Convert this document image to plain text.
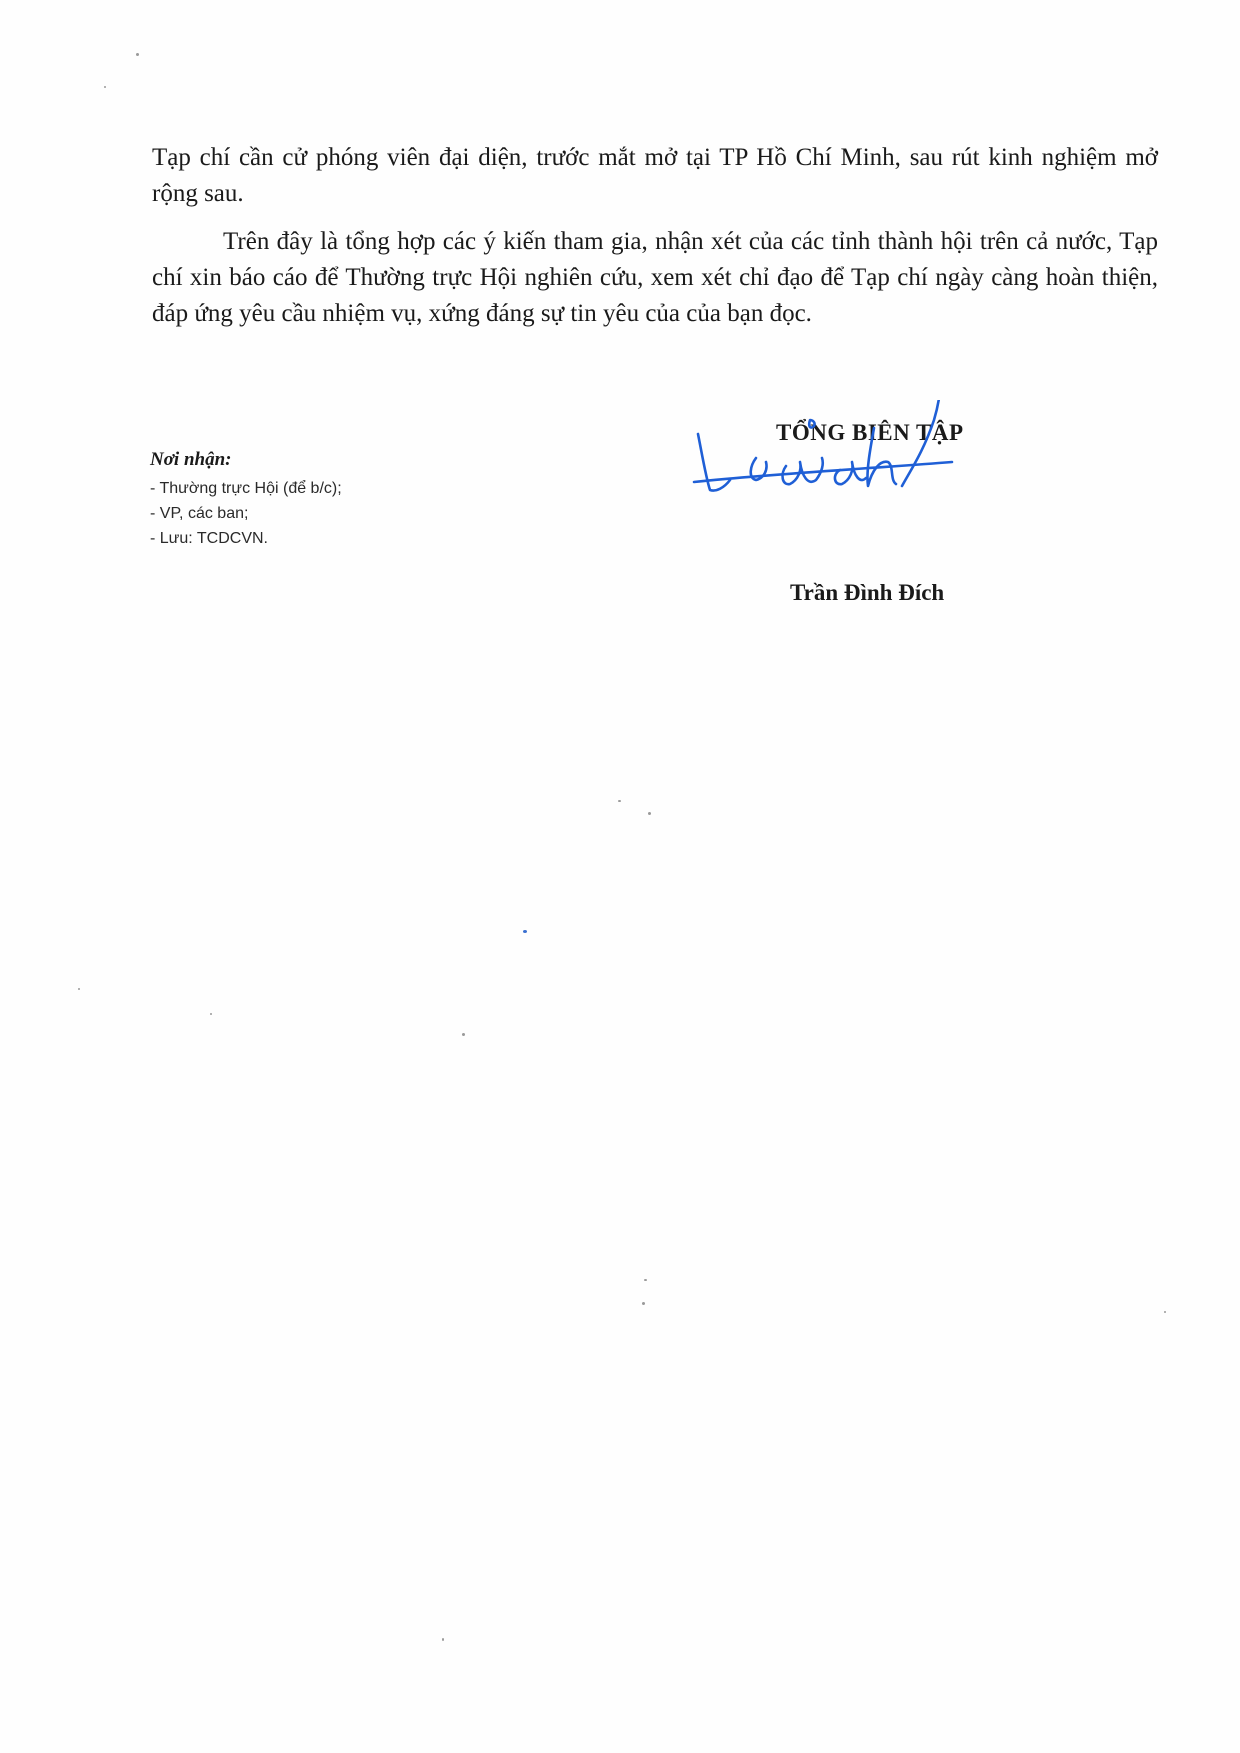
Tạp chí cần cử phóng viên đại diện, trước mắt mở tại TP Hồ Chí Minh, sau rút kinh nghiệm mở rộng sau.

Trên đây là tổng hợp các ý kiến tham gia, nhận xét của các tỉnh thành hội trên cả nước, Tạp chí xin báo cáo để Thường trực Hội nghiên cứu, xem xét chỉ đạo để Tạp chí ngày càng hoàn thiện, đáp ứng yêu cầu nhiệm vụ, xứng đáng sự tin yêu của của bạn đọc.

Nơi nhận:

- Thường trực Hội (để b/c);
- VP, các ban;
- Lưu: TCDCVN.
TỔNG BIÊN TẬP
Trần Đình Đích
